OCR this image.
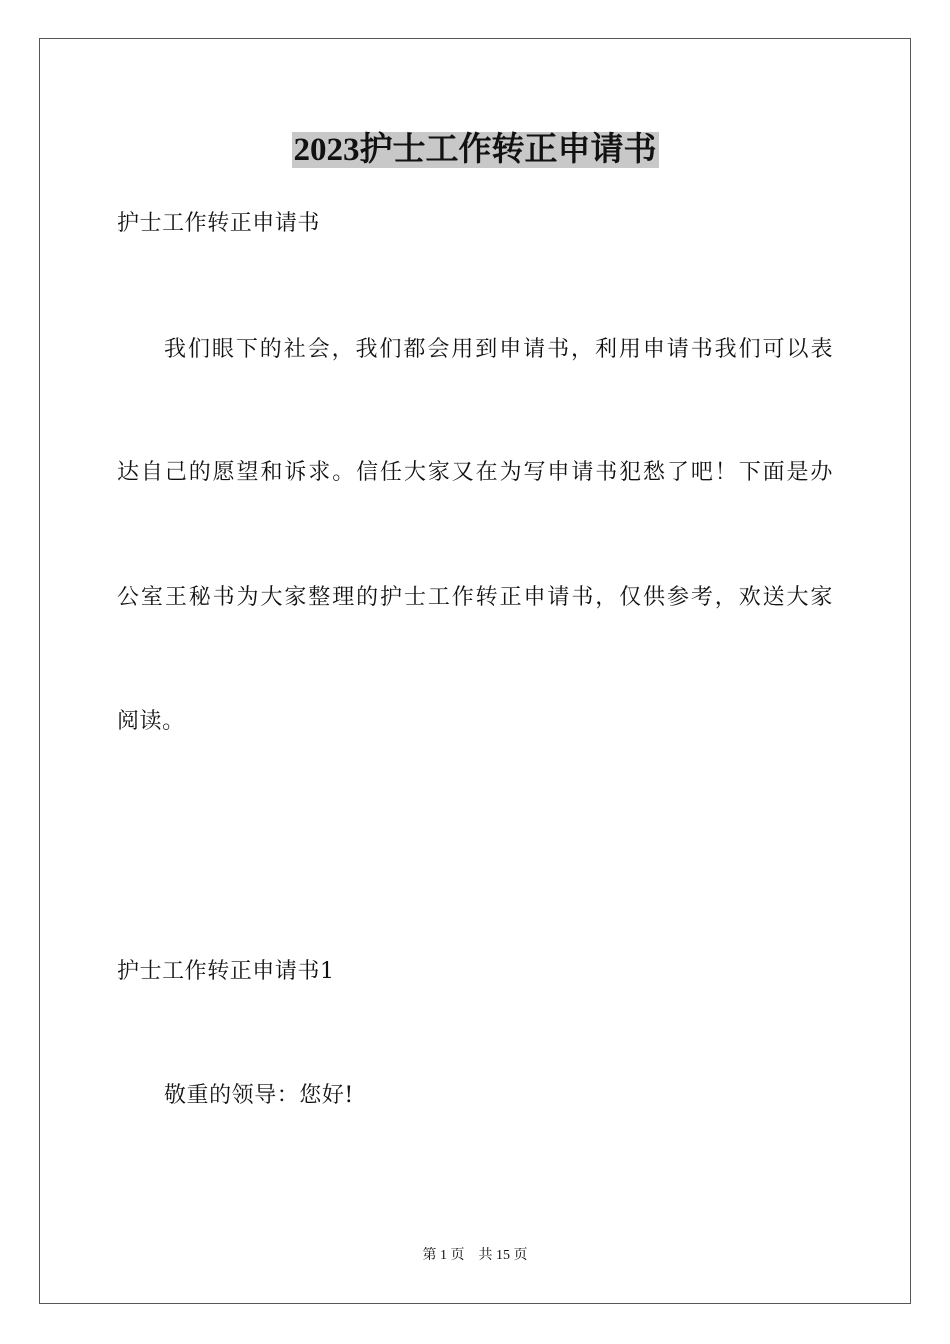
2023护士工作转正申请书

护士工作转正申请书

我们眼下的社会，我们都会用到申请书，利用申请书我们可以表

达自己的愿望和诉求。信任大家又在为写申请书犯愁了吧！下面是办

公室王秘书为大家整理的护士工作转正申请书，仅供参考，欢送大家

阅读。

护士工作转正申请书1

敬重的领导：您好!

第 1 页　共 15 页
